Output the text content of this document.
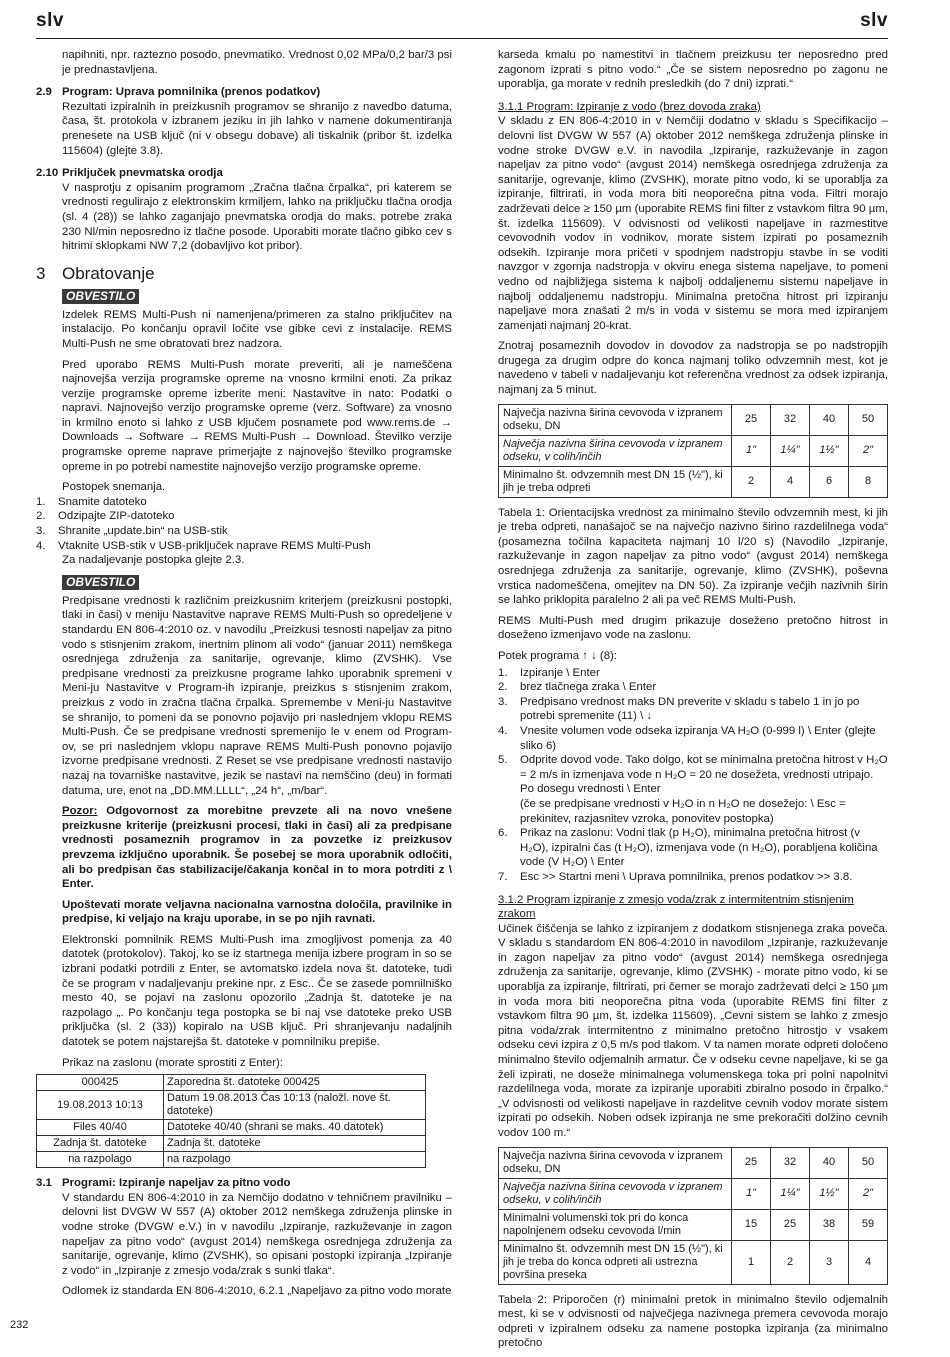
slv	slv

napihniti, npr. raztezno posodo, pnevmatiko. Vrednost 0,02 MPa/0,2 bar/3 psi je prednastavljena.

2.9 Program: Uprava pomnilnika (prenos podatkov)

Rezultati izpiralnih in preizkusnih programov se shranijo z navedbo datuma, časa, št. protokola v izbranem jeziku in jih lahko v namene dokumentiranja prenesete na USB ključ (ni v obsegu dobave) ali tiskalnik (pribor št. izdelka 115604) (glejte 3.8).

2.10 Priključek pnevmatska orodja

V nasprotju z opisanim programom „Zračna tlačna črpalka“, pri katerem se vrednosti regulirajo z elektronskim krmiljem, lahko na priključku tlačna orodja (sl. 4 (28)) se lahko zaganjajo pnevmatska orodja do maks. potrebe zraka 230 Nl/min neposredno iz tlačne posode. Uporabiti morate tlačno gibko cev s hitrimi sklopkami NW 7,2 (dobavljivo kot pribor).

3 Obratovanje
OBVESTILO

Izdelek REMS Multi-Push ni namenjena/primeren za stalno priključitev na instalacijo. Po končanju opravil ločite vse gibke cevi z instalacije. REMS Multi-Push ne sme obratovati brez nadzora.

Pred uporabo REMS Multi-Push morate preveriti, ali je nameščena najnovejša verzija programske opreme na vnosno krmilni enoti. Za prikaz verzije programske opreme izberite meni: Nastavitve in nato: Podatki o napravi. Najnovejšo verzijo programske opreme (verz. Software) za vnosno in krmilno enoto si lahko z USB ključem posnamete pod www.rems.de → Downloads → Software → REMS Multi-Push → Download. Številko verzije programske opreme naprave primerjajte z najnovejšo številko programske opreme in po potrebi namestite najnovejšo verzijo programske opreme.

Postopek snemanja.

1.	Snamite datoteko
2.	Odzipajte ZIP-datoteko
3.	Shranite „update.bin“ na USB-stik
4.	Vtaknite USB-stik v USB-priključek naprave REMS Multi-Push

Za nadaljevanje postopka glejte 2.3.

OBVESTILO

Predpisane vrednosti k različnim preizkusnim kriterjem (preizkusni postopki, tlaki in časi) v meniju Nastavitve naprave REMS Multi-Push so opredeljene v standardu EN 806-4:2010 oz. v navodilu „Preizkusi tesnosti napeljav za pitno vodo s stisnjenim zrakom, inertnim plinom ali vodo“ (januar 2011) nemškega osrednjega združenja za sanitarije, ogrevanje, klimo (ZVSHK). Vse predpisane vrednosti za preizkusne programe lahko uporabnik spremeni v Meni-ju Nastavitve v Program-ih izpiranje, preizkus s stisnjenim zrakom, preizkus z vodo in zračna tlačna črpalka. Spremembe v Meni-ju Nastavitve se shranijo, to pomeni da se ponovno pojavijo pri naslednjem vklopu REMS Multi-Push. Če se predpisane vrednosti spremenijo le v enem od Program-ov, se pri naslednjem vklopu naprave REMS Multi-Push ponovno pojavijo izvorne predpisane vrednosti. Z Reset se vse predpisane vrednosti nastavijo nazaj na tovarniške nastavitve, jezik se nastavi na nemščino (deu) in formati datuma, ure, enot na „DD.MM.LLLL“, „24 h“, „m/bar“.

Pozor: Odgovornost za morebitne prevzete ali na novo vnešene preizkusne kriterije (preizkusni procesi, tlaki in časi) ali za predpisane vrednosti posameznih programov in za povzetke iz preizkusov prevzema izključno uporabnik. Še posebej se mora uporabnik odločiti, ali bo predpisan čas stabilizacije/čakanja končal in to mora potrditi z \ Enter.

Upoštevati morate veljavna nacionalna varnostna določila, pravilnike in predpise, ki veljajo na kraju uporabe, in se po njih ravnati.

Elektronski pomnilnik REMS Multi-Push ima zmogljivost pomenja za 40 datotek (protokolov). Takoj, ko se iz startnega menija izbere program in so se izbrani podatki potrdili z Enter, se avtomatsko izdela nova št. datoteke, tudi če se program v nadaljevanju prekine npr. z Esc.. Če se zasede pomnilniško mesto 40, se pojavi na zaslonu opozorilo „Zadnja št. datoteke je na razpolago „. Po končanju tega postopka se bi naj vse datoteke preko USB priključka (sl. 2 (33)) kopiralo na USB ključ. Pri shranjevanju nadaljnih datotek se potem najstarejša št. datoteke v pomnilniku prepiše.

Prikaz na zaslonu (morate sprostiti z Enter):

000425	Zaporedna št. datoteke 000425
19.08.2013 10:13	Datum 19.08.2013 Čas 10:13 (naložl. nove št. datoteke)
Files 40/40	Datoteke 40/40 (shrani se maks. 40 datotek)
Zadnja št. datoteke	Zadnja št. datoteke
na razpolago	na razpolago
3.1 Programi: Izpiranje napeljav za pitno vodo

V standardu EN 806-4:2010 in za Nemčijo dodatno v tehničnem pravilniku – delovni list DVGW W 557 (A) oktober 2012 nemškega združenja plinske in vodne stroke (DVGW e.V.) in v navodilu „Izpiranje, razkuževanje in zagon napeljav za pitno vodo“ (avgust 2014) nemškega osrednjega združenja za sanitarije, ogrevanje, klimo (ZVSHK), so opisani postopki izpiranja „Izpiranje z vodo“ in „Izpiranje z zmesjo voda/zrak s sunki tlaka“.

Odlomek iz standarda EN 806-4:2010, 6.2.1 „Napeljavo za pitno vodo morate

karseda kmalu po namestitvi in tlačnem preizkusu ter neposredno pred zagonom izprati s pitno vodo.“ „Če se sistem neposredno po zagonu ne uporablja, ga morate v rednih presledkih (do 7 dni) izprati.“

3.1.1 Program: Izpiranje z vodo (brez dovoda zraka)

V skladu z EN 806-4:2010 in v Nemčiji dodatno v skladu s Specifikacijo – delovni list DVGW W 557 (A) oktober 2012 nemškega združenja plinske in vodne stroke DVGW e.V. in navodila „Izpiranje, razkuževanje in zagon napeljav za pitno vodo“ (avgust 2014) nemškega osrednjega združenja za sanitarije, ogrevanje, klimo (ZVSHK), morate pitno vodo, ki se uporablja za izpiranje, filtrirati, in voda mora biti neoporečna pitna voda. Filtri morajo zadrževati delce ≥ 150 µm (uporabite REMS fini filter z vstavkom filtra 90 µm, št. izdelka 115609). V odvisnosti od velikosti napeljave in razmestitve cevovodnih vodov in vodnikov, morate sistem izpirati po posameznih odsekih. Izpiranje mora pričeti v spodnjem nadstropju stavbe in se voditi navzgor v zgornja nadstropja v okviru enega sistema napeljave, to pomeni vedno od najbližjega sistema k najbolj oddaljenemu sistemu napeljave in najbolj oddaljenemu nadstropju. Minimalna pretočna hitrost pri izpiranju napeljave mora znašati 2 m/s in voda v sistemu se mora med izpiranjem zamenjati najmanj 20-krat.

Znotraj posameznih dovodov in dovodov za nadstropja se po nadstropjih drugega za drugim odpre do konca najmanj toliko odvzemnih mest, kot je navedeno v tabeli v nadaljevanju kot referenčna vrednost za odsek izpiranja, najmanj za 5 minut.

Največja nazivna širina cevovoda v izpranem odseku, DN	25	32	40	50
Največja nazivna širina cevovoda v izpranem odseku, v colih/inčih	1"	1¼"	1½"	2"
Minimalno št. odvzemnih mest DN 15 (½"), ki jih je treba odpreti	2	4	6	8

Tabela 1: Orientacijska vrednost za minimalno število odvzemnih mest, ki jih je treba odpreti, nanašajoč se na največjo nazivno širino razdelilnega voda“ (posamezna točilna kapaciteta najmanj 10 l/20 s) (Navodilo „Izpiranje, razkuževanje in zagon napeljav za pitno vodo“ (avgust 2014) nemškega osrednjega združenja za sanitarije, ogrevanje, klimo (ZVSHK), poševna vrstica nadomeščena, omejitev na DN 50). Za izpiranje večjih nazivnih širin se lahko priklopita paralelno 2 ali pa več REMS Multi-Push.

REMS Multi-Push med drugim prikazuje doseženo pretočno hitrost in doseženo izmenjavo vode na zaslonu.

Potek programa ↑ ↓ (8):

1.	Izpiranje \ Enter
2.	brez tlačnega zraka \ Enter
3.	Predpisano vrednost maks DN preverite v skladu s tabelo 1 in jo po potrebi spremenite (11) \ ↓
4.	Vnesite volumen vode odseka izpiranja VA H₂O (0-999 l) \ Enter (glejte sliko 6)
5.	Odprite dovod vode. Tako dolgo, kot se minimalna pretočna hitrost v H₂O = 2 m/s in izmenjava vode n H₂O = 20 ne dosežeta, vrednosti utripajo. Po dosegu vrednosti \ Enter
(če se predpisane vrednosti v H₂O in n H₂O ne dosežejo: \ Esc = prekinitev, razjasnitev vzroka, ponovitev postopka)
6.	Prikaz na zaslonu: Vodni tlak (p H₂O), minimalna pretočna hitrost (v H₂O), izpiralni čas (t H₂O), izmenjava vode (n H₂O), porabljena količina vode (V H₂O) \ Enter
7.	Esc >> Startni meni \ Uprava pomnilnika, prenos podatkov >> 3.8.
3.1.2 Program izpiranje z zmesjo voda/zrak z intermitentnim stisnjenim zrakom

Učinek čiščenja se lahko z izpiranjem z dodatkom stisnjenega zraka poveča. V skladu s standardom EN 806-4:2010 in navodilom „Izpiranje, razkuževanje in zagon napeljav za pitno vodo“ (avgust 2014) nemškega osrednjega združenja za sanitarije, ogrevanje, klimo (ZVSHK) - morate pitno vodo, ki se uporablja za izpiranje, filtrirati, pri čemer se morajo zadrževati delci ≥ 150 µm in voda mora biti neoporečna pitna voda (uporabite REMS fini filter z vstavkom filtra 90 µm, št. izdelka 115609). „Cevni sistem se lahko z zmesjo pitna voda/zrak intermitentno z minimalno pretočno hitrostjo v vsakem odseku cevi izpira z 0,5 m/s pod tlakom. V ta namen morate odpreti določeno minimalno število odjemalnih armatur. Če v odseku cevne napeljave, ki se ga želi izpirati, ne doseže minimalnega volumenskega toka pri polni napolnitvi razdelilnega voda, morate za izpiranje uporabiti zbiralno posodo in črpalko.“ „V odvisnosti od velikosti napeljave in razdelitve cevnih vodov morate sistem izpirati po odsekih. Noben odsek izpiranja ne sme prekoračiti dolžino cevnih vodov 100 m.“

Največja nazivna širina cevovoda v izpranem odseku, DN	25	32	40	50
Največja nazivna širina cevovoda v izpranem odseku, v colih/inčih	1"	1¼"	1½"	2"
Minimalni volumenski tok pri do konca napolnjenem odseku cevovoda l/min	15	25	38	59
Minimalno št. odvzemnih mest DN 15 (½"), ki jih je treba do konca odpreti ali ustrezna površina preseka	1	2	3	4

Tabela 2: Priporočen (r) minimalni pretok in minimalno število odjemalnih mest, ki se v odvisnosti od največjega nazivnega premera cevovoda morajo odpreti v izpiralnem odseku za namene postopka izpiranja (za minimalno pretočno

232
